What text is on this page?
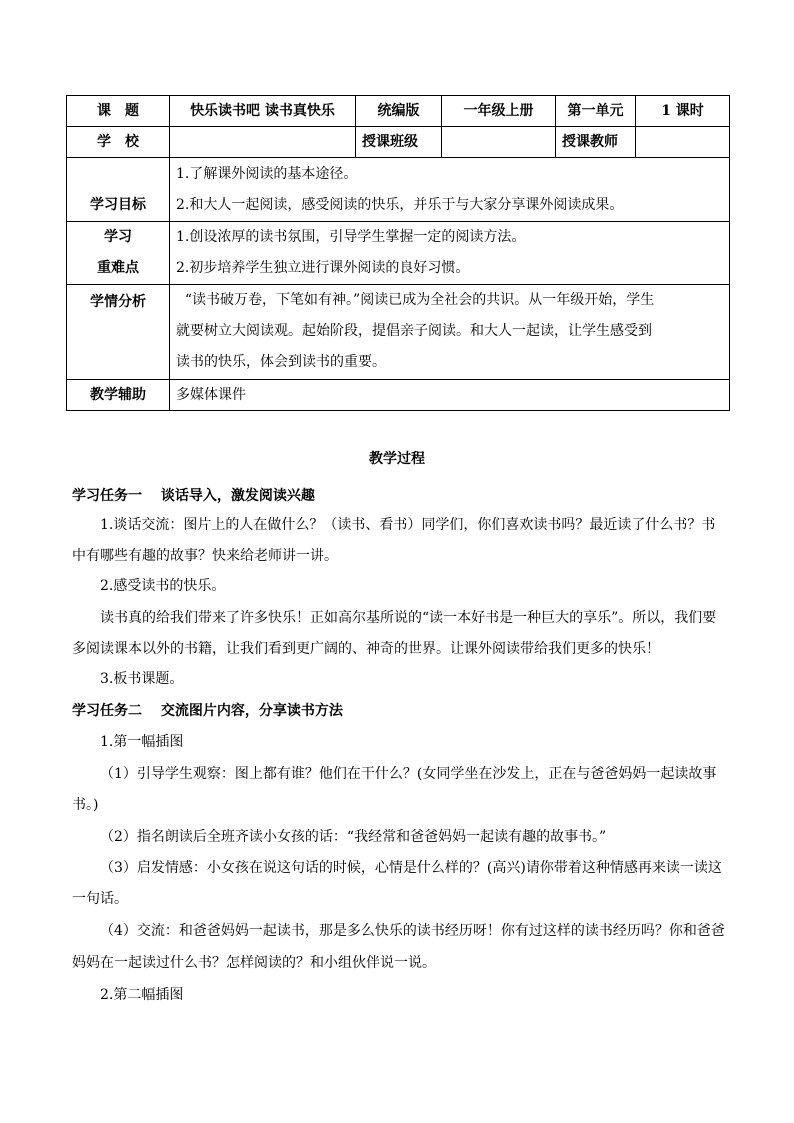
课　题	快乐读书吧 读书真快乐	统编版	一年级上册	第一单元	1 课时
学　校		授课班级		授课教师	

学习目标	1.了解课外阅读的基本途径。
2.和大人一起阅读，感受阅读的快乐，并乐于与大家分享课外阅读成果。				

学习
重难点	1.创设浓厚的读书氛围，引导学生掌握一定的阅读方法。
2.初步培养学生独立进行课外阅读的良好习惯。				

学情分析	“读书破万卷，下笔如有神。”阅读已成为全社会的共识。从一年级开始，学生
就要树立大阅读观。起始阶段，提倡亲子阅读。和大人一起读，让学生感受到
读书的快乐，体会到读书的重要。				

教学辅助	多媒体课件				
教学过程
学习任务一　 谈话导入，激发阅读兴趣
1.谈话交流：图片上的人在做什么？（读书、看书）同学们，你们喜欢读书吗？最近读了什么书？书
中有哪些有趣的故事？快来给老师讲一讲。
2.感受读书的快乐。
读书真的给我们带来了许多快乐！正如高尔基所说的“读一本好书是一种巨大的享乐”。所以，我们要
多阅读课本以外的书籍，让我们看到更广阔的、神奇的世界。让课外阅读带给我们更多的快乐！
3.板书课题。
学习任务二　 交流图片内容，分享读书方法
1.第一幅插图
（1）引导学生观察：图上都有谁？他们在干什么？(女同学坐在沙发上，正在与爸爸妈妈一起读故事
书。)
（2）指名朗读后全班齐读小女孩的话：“我经常和爸爸妈妈一起读有趣的故事书。”
（3）启发情感：小女孩在说这句话的时候，心情是什么样的？(高兴)请你带着这种情感再来读一读这
一句话。
（4）交流：和爸爸妈妈一起读书，那是多么快乐的读书经历呀！你有过这样的读书经历吗？你和爸爸
妈妈在一起读过什么书？怎样阅读的？和小组伙伴说一说。
2.第二幅插图
